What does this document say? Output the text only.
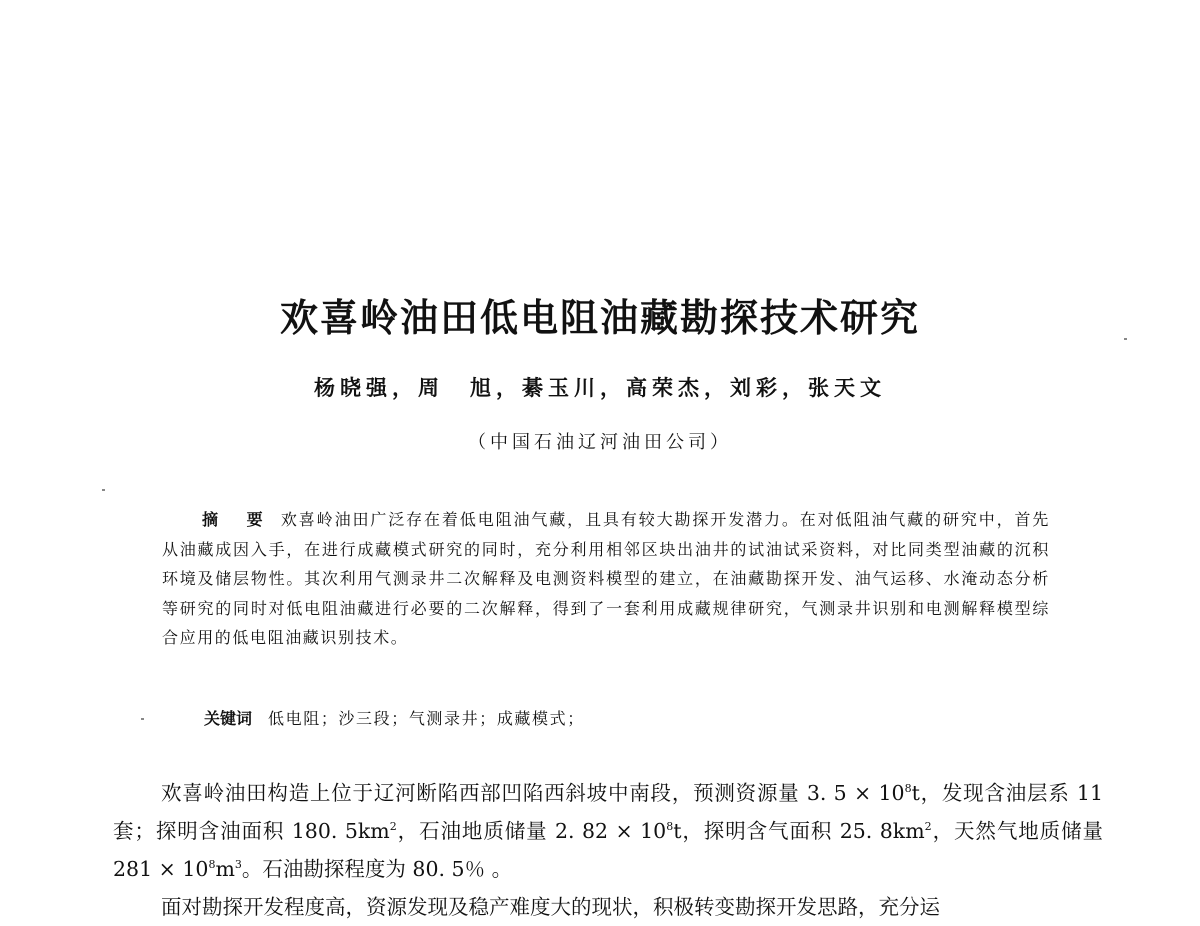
欢喜岭油田低电阻油藏勘探技术研究
杨晓强，周　旭，綦玉川，高荣杰，刘彩，张天文
（中国石油辽河油田公司）
摘　要 欢喜岭油田广泛存在着低电阻油气藏，且具有较大勘探开发潜力。在对低阻油气藏的研究中，首先从油藏成因入手，在进行成藏模式研究的同时，充分利用相邻区块出油井的试油试采资料，对比同类型油藏的沉积环境及储层物性。其次利用气测录井二次解释及电测资料模型的建立，在油藏勘探开发、油气运移、水淹动态分析等研究的同时对低电阻油藏进行必要的二次解释，得到了一套利用成藏规律研究，气测录井识别和电测解释模型综合应用的低电阻油藏识别技术。
关键词 低电阻；沙三段；气测录井；成藏模式；

欢喜岭油田构造上位于辽河断陷西部凹陷西斜坡中南段，预测资源量 3. $5 \times 10^8t$，发现含油层系 11 套；探明含油面积 180. $5km^2$，石油地质储量 2. $82 \times 10^8t$，探明含气面积 25. $8km^2$，天然气地质储量 $281 \times 10^8m^3$。石油勘探程度为 80. 5％ 。

面对勘探开发程度高，资源发现及稳产难度大的现状，积极转变勘探开发思路，充分运
